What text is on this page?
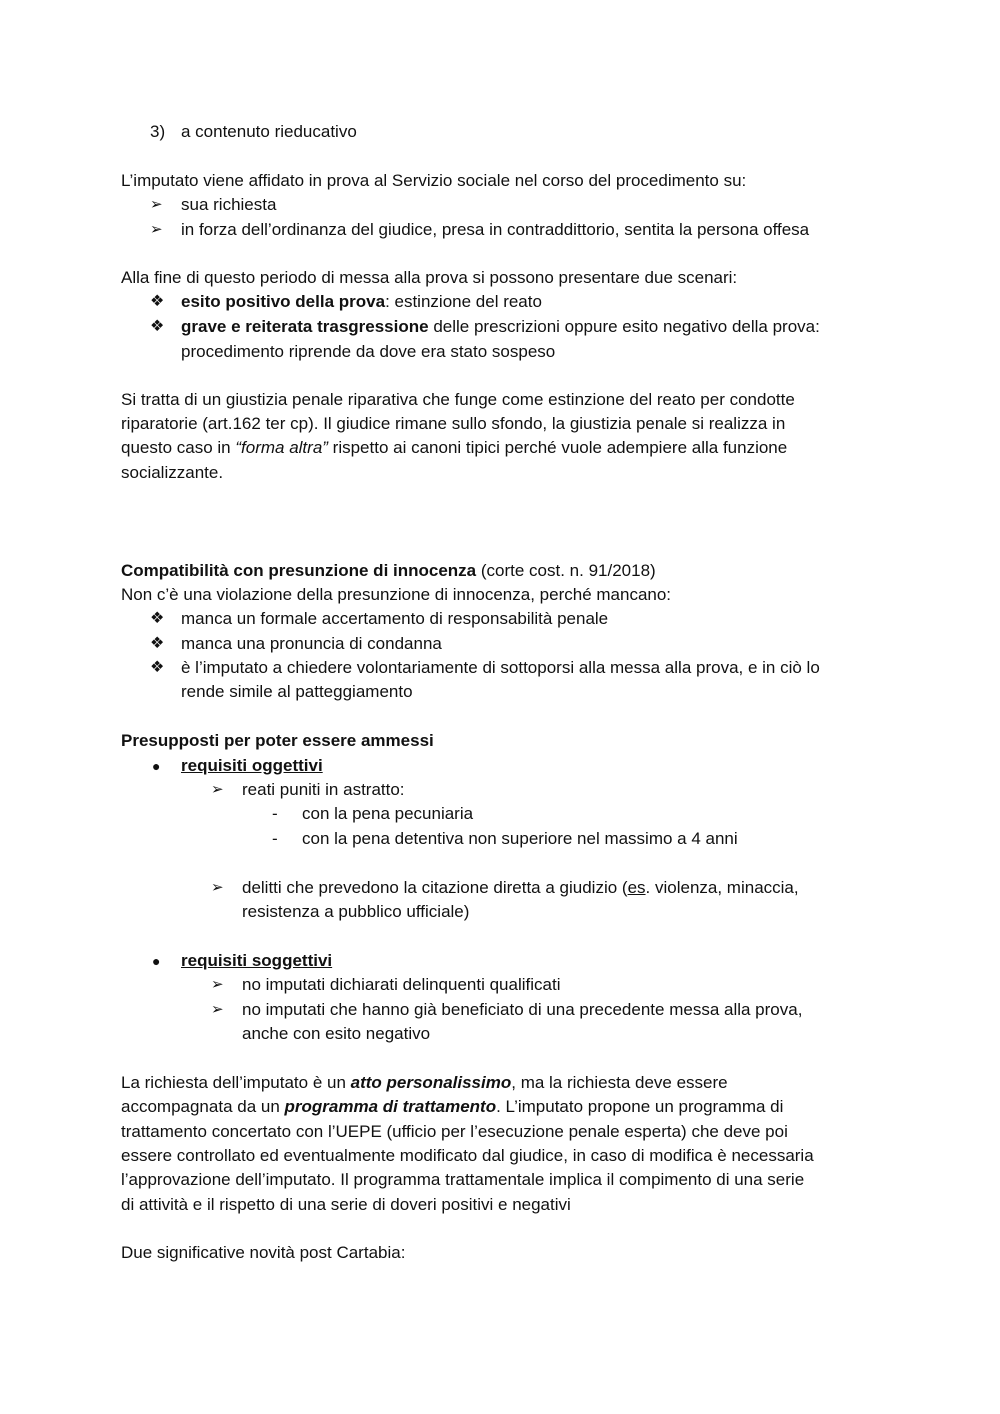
3) a contenuto rieducativo
L’imputato viene affidato in prova al Servizio sociale nel corso del procedimento su:
➢ sua richiesta
➢ in forza dell’ordinanza del giudice, presa in contraddittorio, sentita la persona offesa
Alla fine di questo periodo di messa alla prova si possono presentare due scenari:
❖ esito positivo della prova: estinzione del reato
❖ grave e reiterata trasgressione delle prescrizioni oppure esito negativo della prova:
procedimento riprende da dove era stato sospeso
Si tratta di un giustizia penale riparativa che funge come estinzione del reato per condotte
riparatorie (art.162 ter cp). Il giudice rimane sullo sfondo, la giustizia penale si realizza in
questo caso in “forma altra” rispetto ai canoni tipici perché vuole adempiere alla funzione
socializzante.
Compatibilità con presunzione di innocenza (corte cost. n. 91/2018)
Non c’è una violazione della presunzione di innocenza, perché mancano:
❖ manca un formale accertamento di responsabilità penale
❖ manca una pronuncia di condanna
❖ è l’imputato a chiedere volontariamente di sottoporsi alla messa alla prova, e in ciò lo
rende simile al patteggiamento
Presupposti per poter essere ammessi
● requisiti oggettivi
➢ reati puniti in astratto:
- con la pena pecuniaria
- con la pena detentiva non superiore nel massimo a 4 anni
➢ delitti che prevedono la citazione diretta a giudizio (es. violenza, minaccia,
resistenza a pubblico ufficiale)
● requisiti soggettivi
➢ no imputati dichiarati delinquenti qualificati
➢ no imputati che hanno già beneficiato di una precedente messa alla prova,
anche con esito negativo
La richiesta dell’imputato è un atto personalissimo, ma la richiesta deve essere
accompagnata da un programma di trattamento. L’imputato propone un programma di
trattamento concertato con l’UEPE (ufficio per l’esecuzione penale esperta) che deve poi
essere controllato ed eventualmente modificato dal giudice, in caso di modifica è necessaria
l’approvazione dell’imputato. Il programma trattamentale implica il compimento di una serie
di attività e il rispetto di una serie di doveri positivi e negativi
Due significative novità post Cartabia:
